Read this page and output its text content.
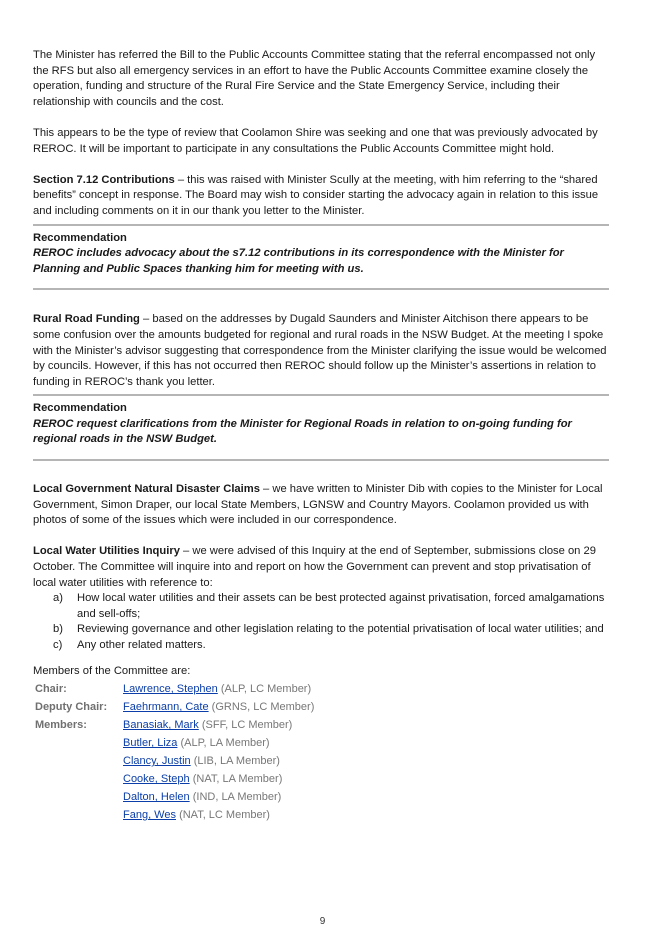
The Minister has referred the Bill to the Public Accounts Committee stating that the referral encompassed not only the RFS but also all emergency services in an effort to have the Public Accounts Committee examine closely the operation, funding and structure of the Rural Fire Service and the State Emergency Service, including their relationship with councils and the cost.

This appears to be the type of review that Coolamon Shire was seeking and one that was previously advocated by REROC. It will be important to participate in any consultations the Public Accounts Committee might hold.

Section 7.12 Contributions – this was raised with Minister Scully at the meeting, with him referring to the “shared benefits” concept in response. The Board may wish to consider starting the advocacy again in relation to this issue and including comments on it in our thank you letter to the Minister.

Recommendation

REROC includes advocacy about the s7.12 contributions in its correspondence with the Minister for Planning and Public Spaces thanking him for meeting with us.

Rural Road Funding – based on the addresses by Dugald Saunders and Minister Aitchison there appears to be some confusion over the amounts budgeted for regional and rural roads in the NSW Budget. At the meeting I spoke with the Minister’s advisor suggesting that correspondence from the Minister clarifying the issue would be welcomed by councils. However, if this has not occurred then REROC should follow up the Minister’s assertions in relation to funding in REROC’s thank you letter.

Recommendation

REROC request clarifications from the Minister for Regional Roads in relation to on-going funding for regional roads in the NSW Budget.

Local Government Natural Disaster Claims – we have written to Minister Dib with copies to the Minister for Local Government, Simon Draper, our local State Members, LGNSW and Country Mayors. Coolamon provided us with photos of some of the issues which were included in our correspondence.

Local Water Utilities Inquiry – we were advised of this Inquiry at the end of September, submissions close on 29 October. The Committee will inquire into and report on how the Government can prevent and stop privatisation of local water utilities with reference to:

a) How local water utilities and their assets can be best protected against privatisation, forced amalgamations and sell-offs;
b) Reviewing governance and other legislation relating to the potential privatisation of local water utilities; and
c) Any other related matters.

Members of the Committee are:

Chair:	Lawrence, Stephen (ALP, LC Member)
Deputy Chair:	Faehrmann, Cate (GRNS, LC Member)
Members:	Banasiak, Mark (SFF, LC Member)
	Butler, Liza (ALP, LA Member)
	Clancy, Justin (LIB, LA Member)
	Cooke, Steph (NAT, LA Member)
	Dalton, Helen (IND, LA Member)
	Fang, Wes (NAT, LC Member)
9
